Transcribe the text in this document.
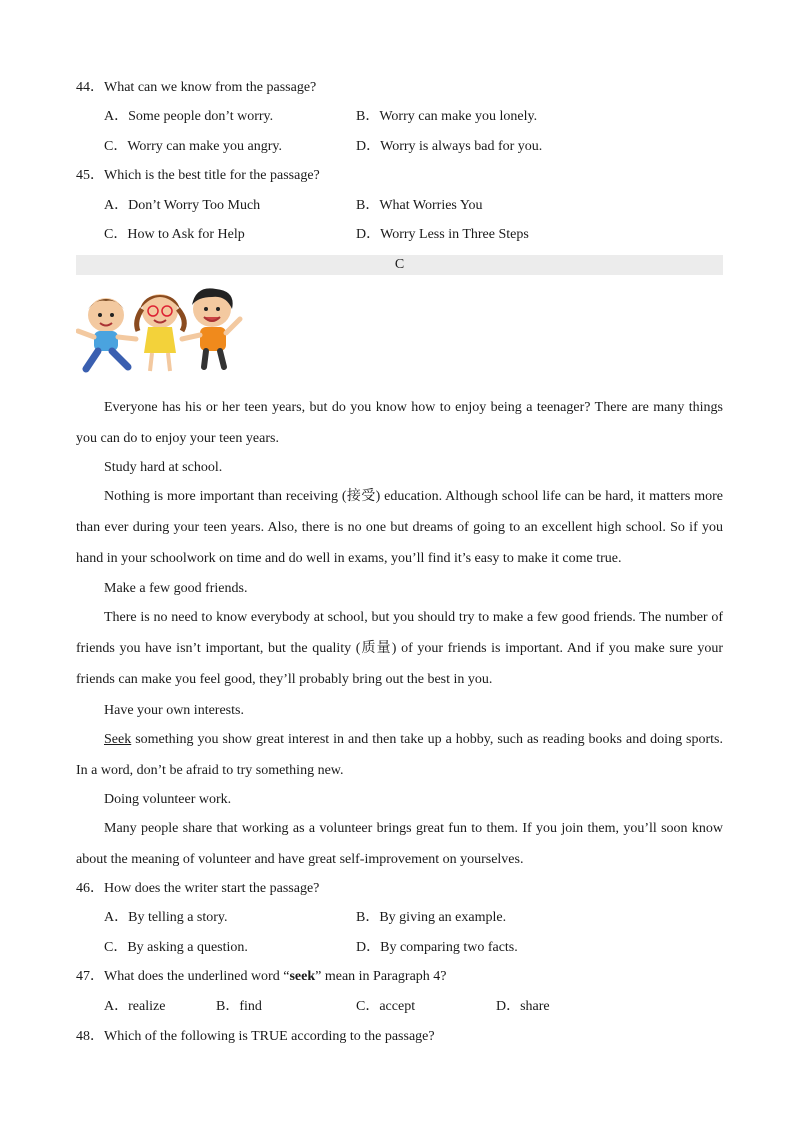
44．What can we know from the passage?
A．Some people don’t worry.	B．Worry can make you lonely.
C．Worry can make you angry.	D．Worry is always bad for you.
45．Which is the best title for the passage?
A．Don’t Worry Too Much	B．What Worries You
C．How to Ask for Help	D．Worry Less in Three Steps
C
Everyone has his or her teen years, but do you know how to enjoy being a teenager? There are many things you can do to enjoy your teen years.
Study hard at school.
Nothing is more important than receiving (接受) education. Although school life can be hard, it matters more than ever during your teen years. Also, there is no one but dreams of going to an excellent high school. So if you hand in your schoolwork on time and do well in exams, you’ll find it’s easy to make it come true.
Make a few good friends.
There is no need to know everybody at school, but you should try to make a few good friends. The number of friends you have isn’t important, but the quality (质量) of your friends is important. And if you make sure your friends can make you feel good, they’ll probably bring out the best in you.
Have your own interests.
Seek something you show great interest in and then take up a hobby, such as reading books and doing sports. In a word, don’t be afraid to try something new.
Doing volunteer work.
Many people share that working as a volunteer brings great fun to them. If you join them, you’ll soon know about the meaning of volunteer and have great self-improvement on yourselves.
46．How does the writer start the passage?
A．By telling a story.	B．By giving an example.
C．By asking a question.	D．By comparing two facts.
47．What does the underlined word “seek” mean in Paragraph 4?
A．realize	B．find	C．accept	D．share
48．Which of the following is TRUE according to the passage?
